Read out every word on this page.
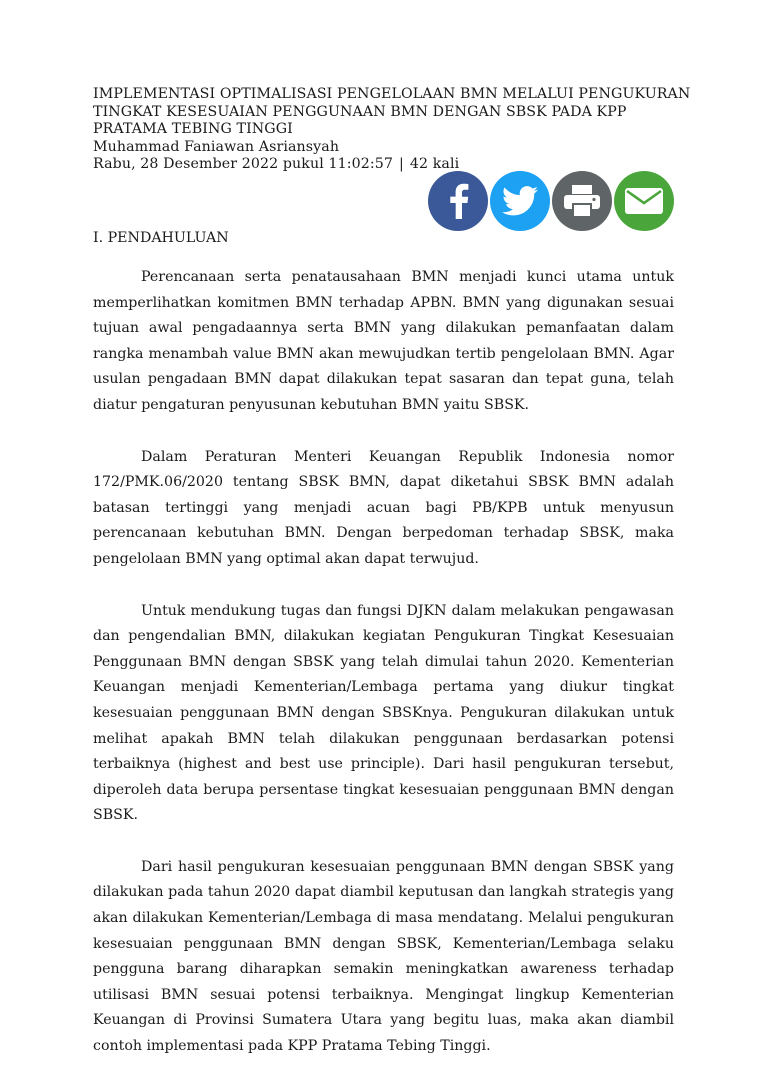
IMPLEMENTASI OPTIMALISASI PENGELOLAAN BMN MELALUI PENGUKURAN
TINGKAT KESESUAIAN PENGGUNAAN BMN DENGAN SBSK PADA KPP
PRATAMA TEBING TINGGI
Muhammad Faniawan Asriansyah
Rabu, 28 Desember 2022 pukul 11:02:57 | 42 kali
I. PENDAHULUAN

Perencanaan serta penatausahaan BMN menjadi kunci utama untuk memperlihatkan komitmen BMN terhadap APBN. BMN yang digunakan sesuai tujuan awal pengadaannya serta BMN yang dilakukan pemanfaatan dalam rangka menambah value BMN akan mewujudkan tertib pengelolaan BMN. Agar usulan pengadaan BMN dapat dilakukan tepat sasaran dan tepat guna, telah diatur pengaturan penyusunan kebutuhan BMN yaitu SBSK.

Dalam Peraturan Menteri Keuangan Republik Indonesia nomor 172/PMK.06/2020 tentang SBSK BMN, dapat diketahui SBSK BMN adalah batasan tertinggi yang menjadi acuan bagi PB/KPB untuk menyusun perencanaan kebutuhan BMN. Dengan berpedoman terhadap SBSK, maka pengelolaan BMN yang optimal akan dapat terwujud.

Untuk mendukung tugas dan fungsi DJKN dalam melakukan pengawasan dan pengendalian BMN, dilakukan kegiatan Pengukuran Tingkat Kesesuaian Penggunaan BMN dengan SBSK yang telah dimulai tahun 2020. Kementerian Keuangan menjadi Kementerian/Lembaga pertama yang diukur tingkat kesesuaian penggunaan BMN dengan SBSKnya. Pengukuran dilakukan untuk melihat apakah BMN telah dilakukan penggunaan berdasarkan potensi terbaiknya (highest and best use principle). Dari hasil pengukuran tersebut, diperoleh data berupa persentase tingkat kesesuaian penggunaan BMN dengan SBSK.

Dari hasil pengukuran kesesuaian penggunaan BMN dengan SBSK yang dilakukan pada tahun 2020 dapat diambil keputusan dan langkah strategis yang akan dilakukan Kementerian/Lembaga di masa mendatang. Melalui pengukuran kesesuaian penggunaan BMN dengan SBSK, Kementerian/Lembaga selaku pengguna barang diharapkan semakin meningkatkan awareness terhadap utilisasi BMN sesuai potensi terbaiknya. Mengingat lingkup Kementerian Keuangan di Provinsi Sumatera Utara yang begitu luas, maka akan diambil contoh implementasi pada KPP Pratama Tebing Tinggi.
